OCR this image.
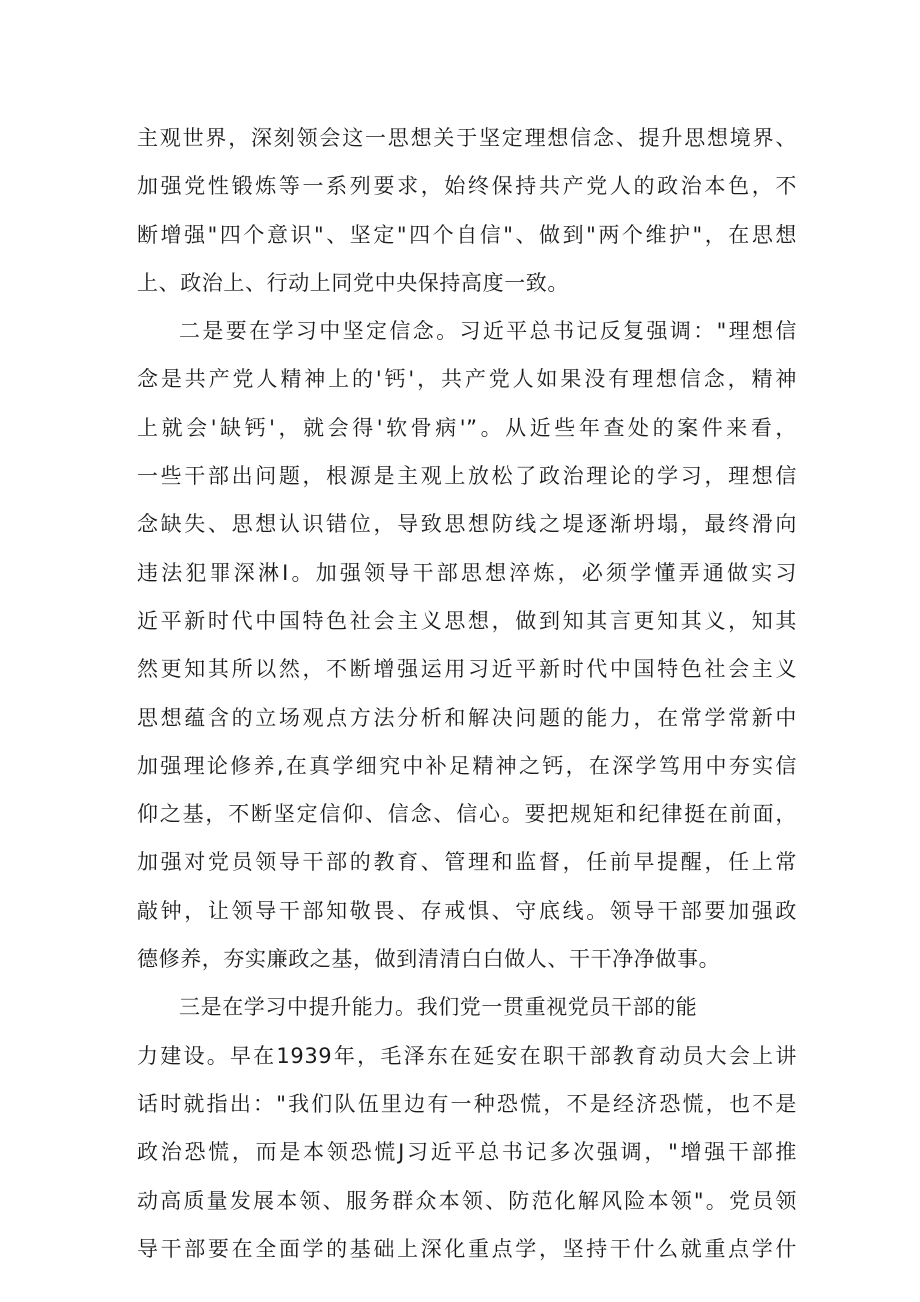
主观世界，深刻领会这一思想关于坚定理想信念、提升思想境界、
加强党性锻炼等一系列要求，始终保持共产党人的政治本色，不
断增强"四个意识"、坚定"四个自信"、做到"两个维护"，在思想
上、政治上、行动上同党中央保持高度一致。
二是要在学习中坚定信念。习近平总书记反复强调："理想信
念是共产党人精神上的'钙'，共产党人如果没有理想信念，精神
上就会'缺钙'，就会得'软骨病'”。从近些年查处的案件来看，
一些干部出问题，根源是主观上放松了政治理论的学习，理想信
念缺失、思想认识错位，导致思想防线之堤逐渐坍塌，最终滑向
违法犯罪深淋I。加强领导干部思想淬炼，必须学懂弄通做实习
近平新时代中国特色社会主义思想，做到知其言更知其义，知其
然更知其所以然，不断增强运用习近平新时代中国特色社会主义
思想蕴含的立场观点方法分析和解决问题的能力，在常学常新中
加强理论修养,在真学细究中补足精神之钙，在深学笃用中夯实信
仰之基，不断坚定信仰、信念、信心。要把规矩和纪律挺在前面，
加强对党员领导干部的教育、管理和监督，任前早提醒，任上常
敲钟，让领导干部知敬畏、存戒惧、守底线。领导干部要加强政
德修养，夯实廉政之基，做到清清白白做人、干干净净做事。
三是在学习中提升能力。我们党一贯重视党员干部的能
力建设。早在1939年，毛泽东在延安在职干部教育动员大会上讲
话时就指出："我们队伍里边有一种恐慌，不是经济恐慌，也不是
政治恐慌，而是本领恐慌J习近平总书记多次强调，"增强干部推
动高质量发展本领、服务群众本领、防范化解风险本领"。党员领
导干部要在全面学的基础上深化重点学，坚持干什么就重点学什
